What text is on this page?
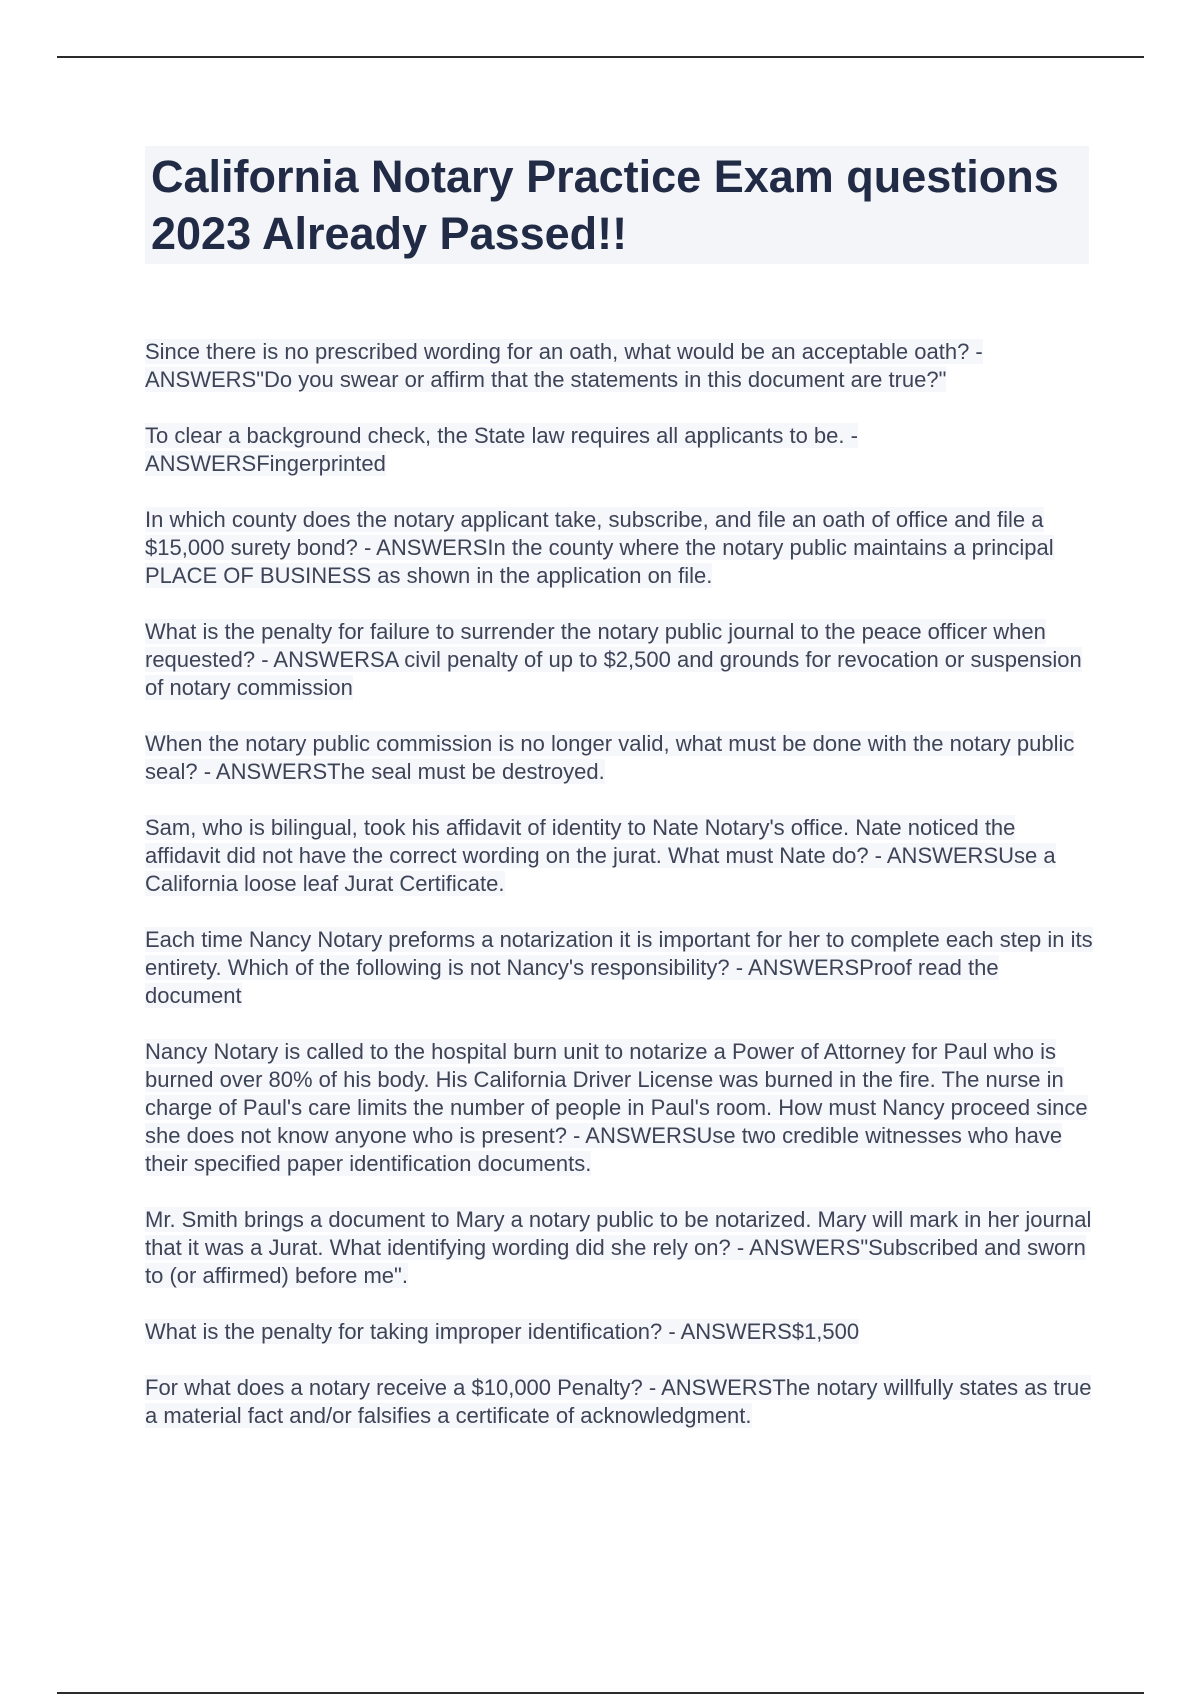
California Notary Practice Exam questions 2023 Already Passed!!
Since there is no prescribed wording for an oath, what would be an acceptable oath? - ANSWERS"Do you swear or affirm that the statements in this document are true?"
To clear a background check, the State law requires all applicants to be. - ANSWERSFingerprinted
In which county does the notary applicant take, subscribe, and file an oath of office and file a $15,000 surety bond? - ANSWERSIn the county where the notary public maintains a principal PLACE OF BUSINESS as shown in the application on file.
What is the penalty for failure to surrender the notary public journal to the peace officer when requested? - ANSWERSA civil penalty of up to $2,500 and grounds for revocation or suspension of notary commission
When the notary public commission is no longer valid, what must be done with the notary public seal? - ANSWERSThe seal must be destroyed.
Sam, who is bilingual, took his affidavit of identity to Nate Notary's office. Nate noticed the affidavit did not have the correct wording on the jurat. What must Nate do? - ANSWERSUse a California loose leaf Jurat Certificate.
Each time Nancy Notary preforms a notarization it is important for her to complete each step in its entirety. Which of the following is not Nancy's responsibility? - ANSWERSProof read the document
Nancy Notary is called to the hospital burn unit to notarize a Power of Attorney for Paul who is burned over 80% of his body. His California Driver License was burned in the fire. The nurse in charge of Paul's care limits the number of people in Paul's room. How must Nancy proceed since she does not know anyone who is present? - ANSWERSUse two credible witnesses who have their specified paper identification documents.
Mr. Smith brings a document to Mary a notary public to be notarized. Mary will mark in her journal that it was a Jurat. What identifying wording did she rely on? - ANSWERS"Subscribed and sworn to (or affirmed) before me".
What is the penalty for taking improper identification? - ANSWERS$1,500
For what does a notary receive a $10,000 Penalty? - ANSWERSThe notary willfully states as true a material fact and/or falsifies a certificate of acknowledgment.
